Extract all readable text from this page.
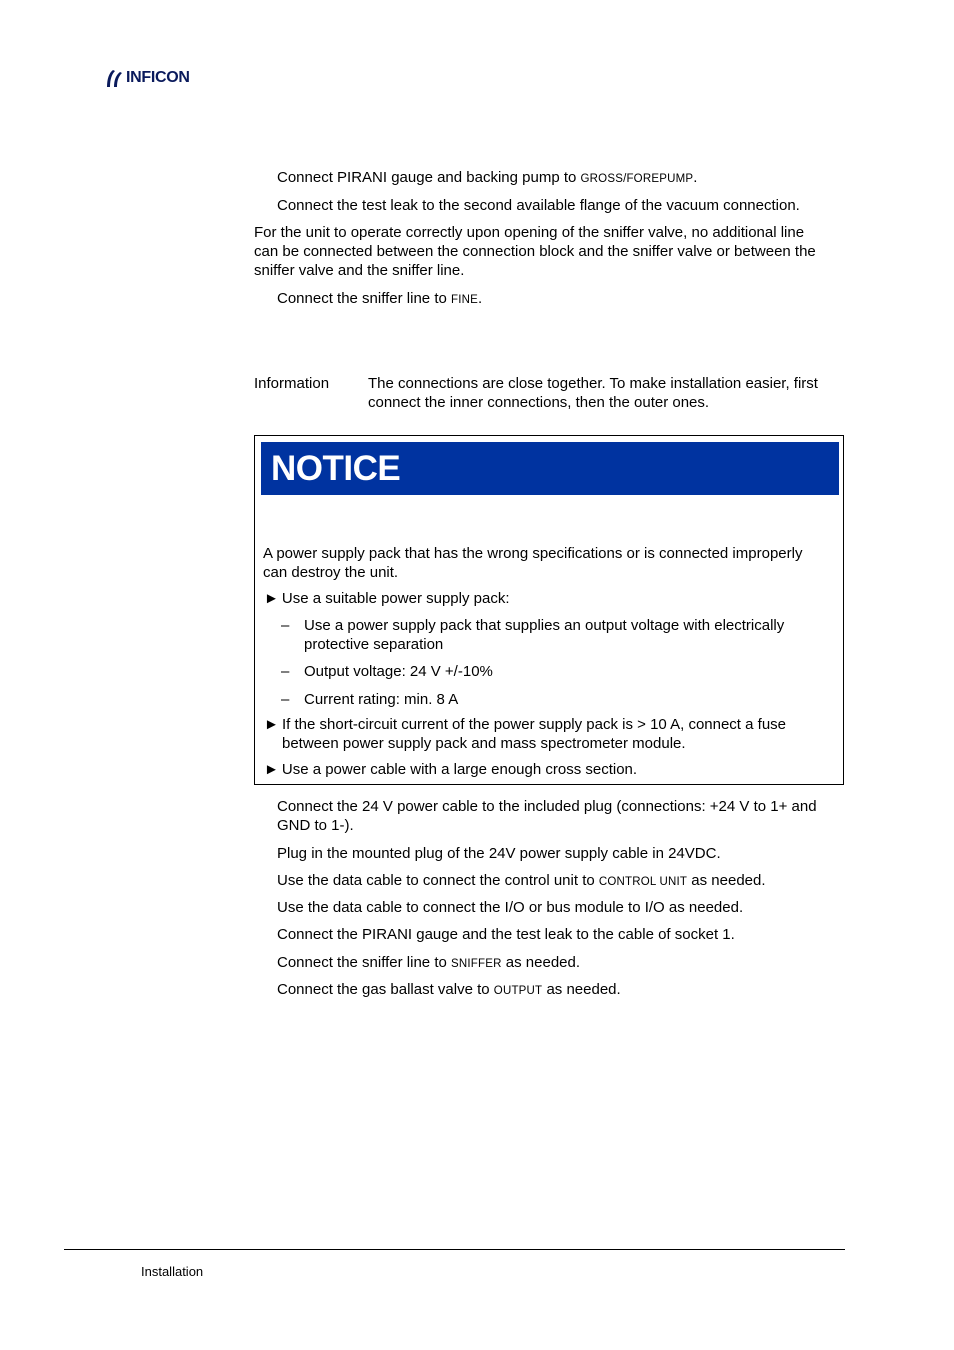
INFICON
Connect PIRANI gauge and backing pump to GROSS/FOREPUMP.
Connect the test leak to the second available flange of the vacuum connection.
For the unit to operate correctly upon opening of the sniffer valve, no additional line
can be connected between the connection block and the sniffer valve or between the
sniffer valve and the sniffer line.
Connect the sniffer line to FINE.
Information	The connections are close together. To make installation easier, first
connect the inner connections, then the outer ones.
NOTICE
A power supply pack that has the wrong specifications or is connected improperly
can destroy the unit.
► Use a suitable power supply pack:
– Use a power supply pack that supplies an output voltage with electrically
protective separation
– Output voltage: 24 V +/-10%
– Current rating: min. 8 A
► If the short-circuit current of the power supply pack is > 10 A, connect a fuse
between power supply pack and mass spectrometer module.
► Use a power cable with a large enough cross section.
Connect the 24 V power cable to the included plug (connections: +24 V to 1+ and
GND to 1-).
Plug in the mounted plug of the 24V power supply cable in 24VDC.
Use the data cable to connect the control unit to CONTROL UNIT as needed.
Use the data cable to connect the I/O or bus module to I/O as needed.
Connect the PIRANI gauge and the test leak to the cable of socket 1.
Connect the sniffer line to SNIFFER as needed.
Connect the gas ballast valve to OUTPUT as needed.
Installation
